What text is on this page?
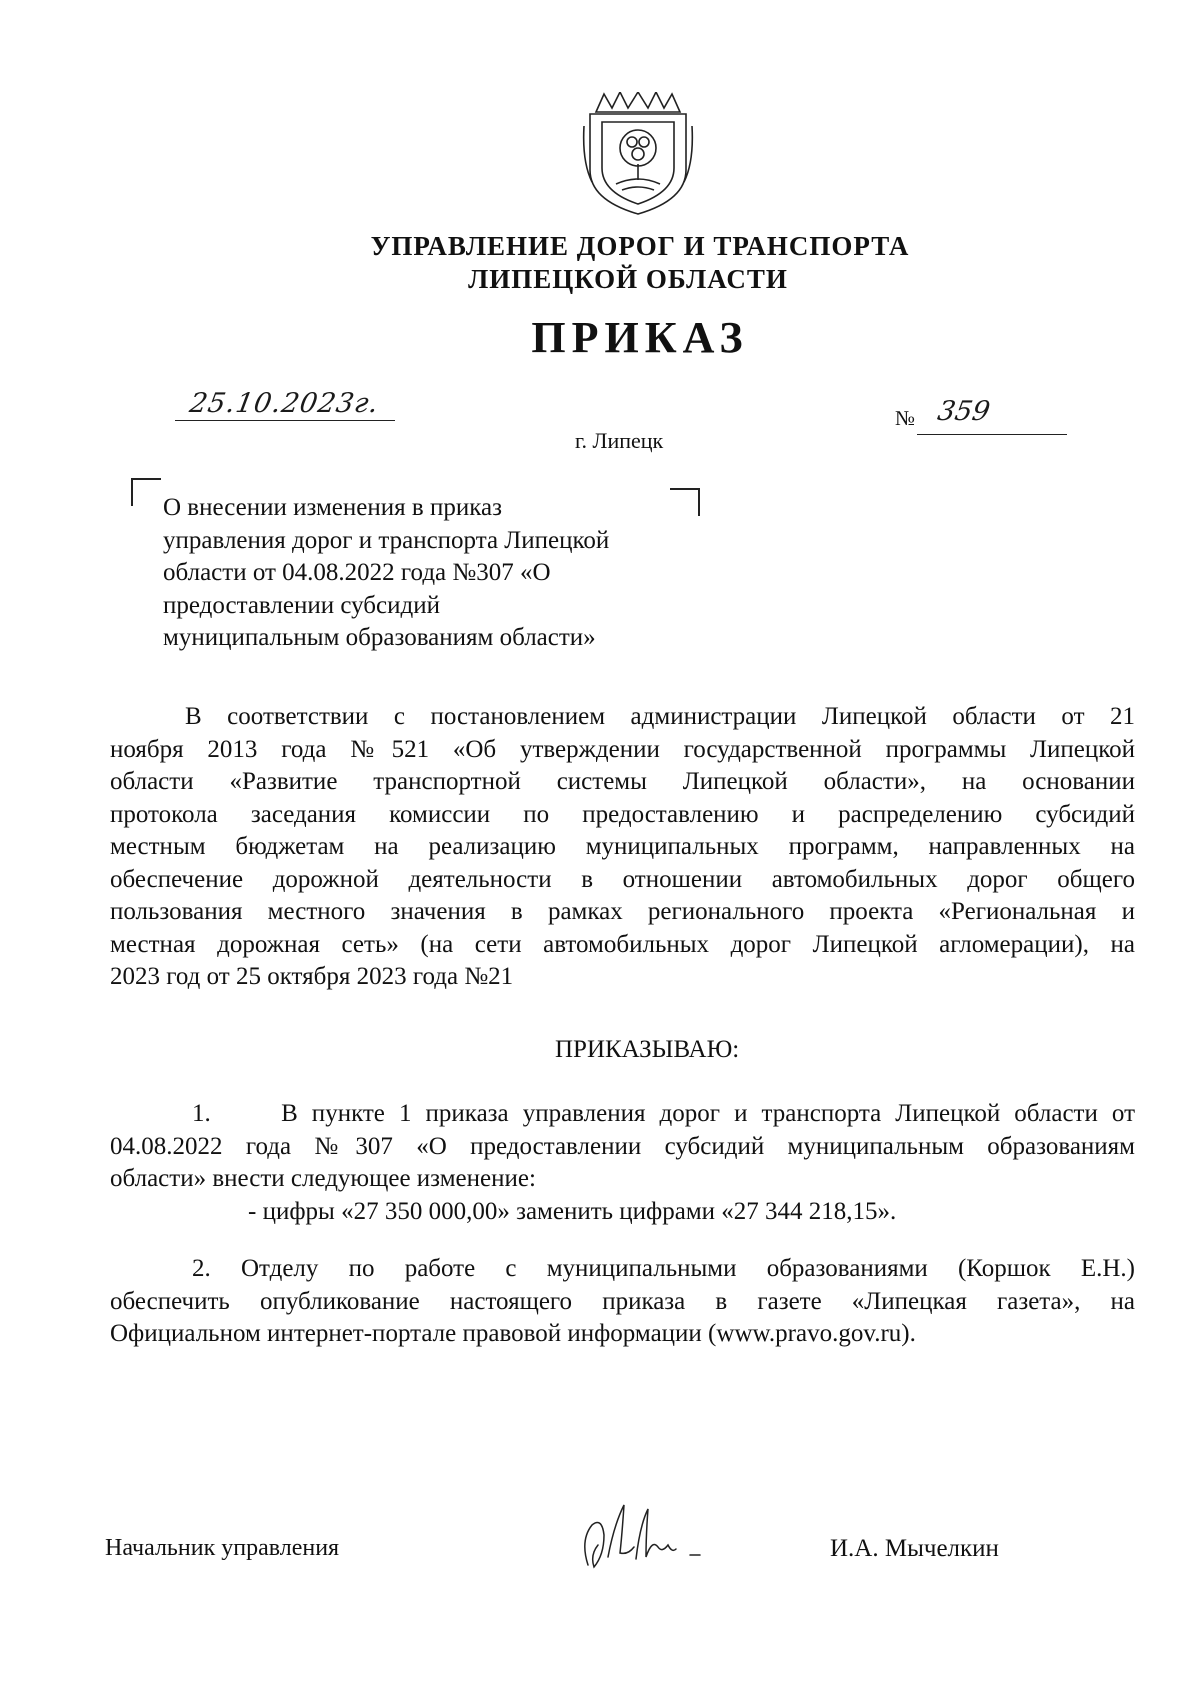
УПРАВЛЕНИЕ ДОРОГ И ТРАНСПОРТА
ЛИПЕЦКОЙ ОБЛАСТИ
ПРИКАЗ
25.10.2023г.	№ 359
г. Липецк
О внесении изменения в приказ
управления дорог и транспорта Липецкой
области от 04.08.2022 года №307 «О
предоставлении субсидий
муниципальным образованиям области»
В соответствии с постановлением администрации Липецкой области от 21
ноября 2013 года №521 «Об утверждении государственной программы Липецкой
области «Развитие транспортной системы Липецкой области», на основании
протокола заседания комиссии по предоставлению и распределению субсидий
местным бюджетам на реализацию муниципальных программ, направленных на
обеспечение дорожной деятельности в отношении автомобильных дорог общего
пользования местного значения в рамках регионального проекта «Региональная и
местная дорожная сеть» (на сети автомобильных дорог Липецкой агломерации), на
2023 год от 25 октября 2023 года №21
ПРИКАЗЫВАЮ:
1.     В пункте 1 приказа управления дорог и транспорта Липецкой области от
04.08.2022 года №307 «О предоставлении субсидий муниципальным образованиям
области» внести следующее изменение:
- цифры «27 350 000,00» заменить цифрами «27 344 218,15».
2. Отделу по работе с муниципальными образованиями (Коршок Е.Н.)
обеспечить опубликование настоящего приказа в газете «Липецкая газета», на
Официальном интернет-портале правовой информации (www.pravo.gov.ru).
Начальник управления	И.А. Мычелкин
